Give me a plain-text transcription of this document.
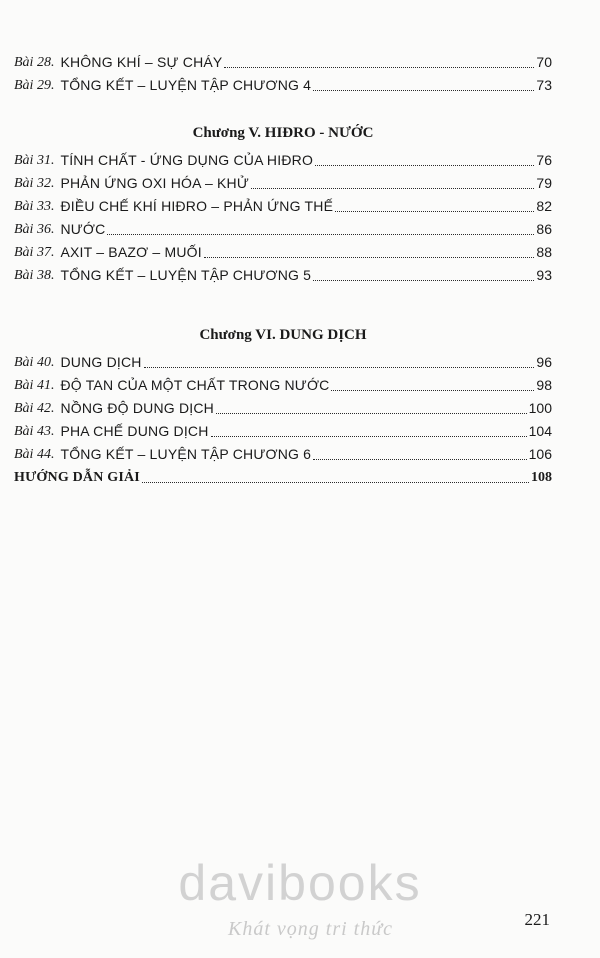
Bài 28. KHÔNG KHÍ – SỰ CHÁY	70
Bài 29. TỔNG KẾT – LUYỆN TẬP CHƯƠNG 4	73
Chương V. HIĐRO - NƯỚC
Bài 31. TÍNH CHẤT - ỨNG DỤNG CỦA HIĐRO	76
Bài 32. PHẢN ỨNG OXI HÓA – KHỬ	79
Bài 33. ĐIỀU CHẾ KHÍ HIĐRO – PHẢN ỨNG THẾ	82
Bài 36. NƯỚC	86
Bài 37. AXIT – BAZƠ – MUỐI	88
Bài 38. TỔNG KẾT – LUYỆN TẬP CHƯƠNG 5	93
Chương VI. DUNG DỊCH
Bài 40. DUNG DỊCH	96
Bài 41. ĐỘ TAN CỦA MỘT CHẤT TRONG NƯỚC	98
Bài 42. NỒNG ĐỘ DUNG DỊCH	100
Bài 43. PHA CHẾ DUNG DỊCH	104
Bài 44. TỔNG KẾT – LUYỆN TẬP CHƯƠNG 6	106
HƯỚNG DẪN GIẢI	108
davibooks
Khát vọng tri thức	221
